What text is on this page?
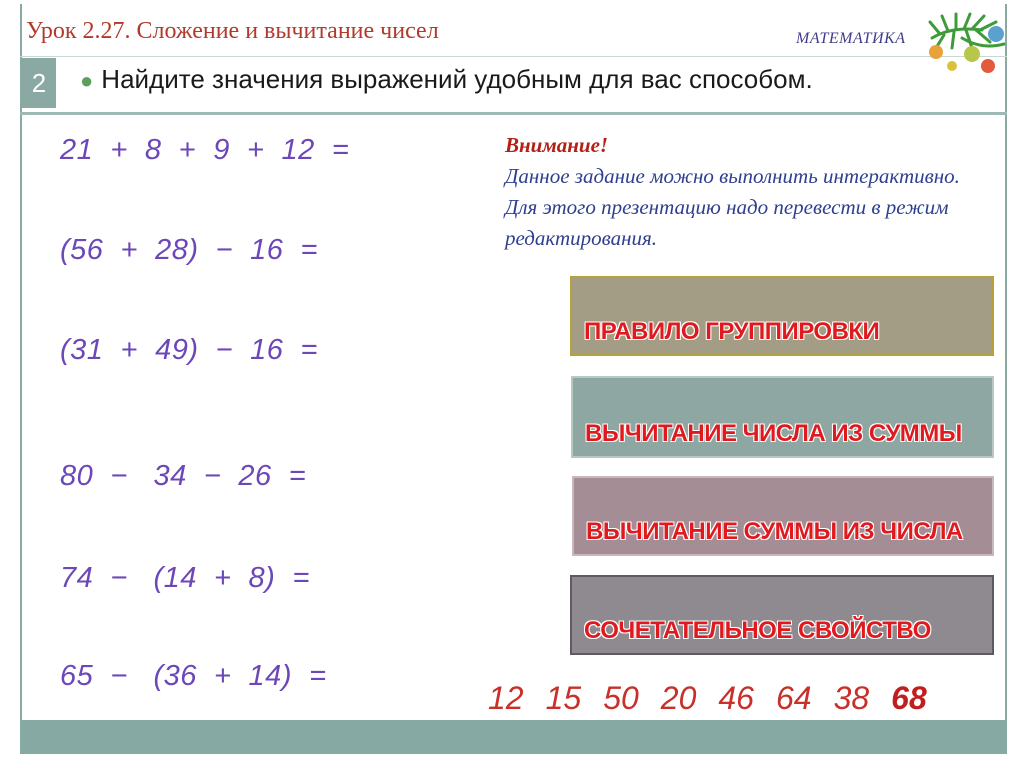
Урок 2.27. Сложение и вычитание чисел	МАТЕМАТИКА
2	● Найдите значения выражений удобным для вас способом.
21  +  8  +  9  +  12  =
(56  +  28)  −  16  =
(31  +  49)  −  16  =
80  −   34  −  26  =
74  −   (14  +  8)  =
65  −   (36  +  14)  =
Внимание!
Данное задание можно выполнить интерактивно. Для этого презентацию надо перевести в режим редактирования.
ПРАВИЛО ГРУППИРОВКИ
ВЫЧИТАНИЕ ЧИСЛА ИЗ СУММЫ
ВЫЧИТАНИЕ СУММЫ ИЗ ЧИСЛА
СОЧЕТАТЕЛЬНОЕ СВОЙСТВО
12 15 50 20 46 64 38 68
